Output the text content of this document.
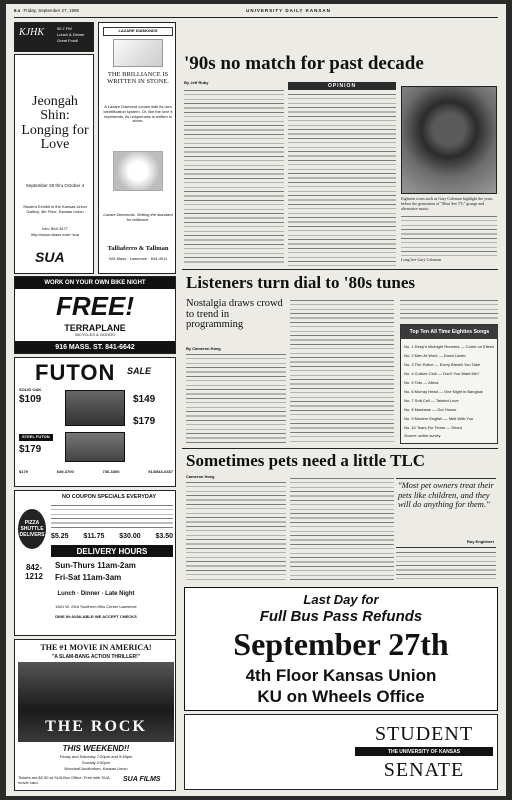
6a Friday, September 27, 1996	UNIVERSITY DAILY KANSAN
KJHK	90.7 FM
Lunch & Dinner
Great Food!
Jeongah Shin: Longing for Love
September 28 thru October 4
Student Exhibit in the Kansas Union Gallery, 4th Floor, Kansas Union
Info: 864-3477
http://www.ukans.edu/~sua
SUA
LAZARE DIAMONDS
THE BRILLIANCE IS WRITTEN IN STONE.
A Lazare Diamond comes with its own identification system. Or, like the love it represents, its uniqueness is written in stone.
Lazare Diamonds. Setting the standard for brilliance.
Talliaferro & Tallman
926 Mass · Lawrence · 843-4011
WORK ON YOUR OWN BIKE NIGHT
FREE!
TERRAPLANE
BICYCLES & GOODS
916 MASS. ST. 841-6642
FUTON SALE
SOLID OAK
$109	$149
$179
STEEL FUTON
$179
$179	649-4700	736-3300	913/843-6337
NO COUPON SPECIALS EVERYDAY
PIZZA SHUTTLE DELIVERS $5.25 $11.75 $30.00 $3.50
DELIVERY HOURS
842-1212
Sun-Thurs 11am-2am
Fri-Sat 11am-3am
Lunch · Dinner · Late Night
1601 W. 23rd Southern Hills Center Lawrence
DINE IN·AVAILABLE·WE ACCEPT CHECKS
THE #1 MOVIE IN AMERICA!
"A SLAM-BANG ACTION THRILLER!"
THE ROCK
THIS WEEKEND!!
Friday and Saturday 7:00pm and 9:45pm
Sunday 2:00pm
Woodruff Auditorium, Kansas Union
Tickets are $2.50 at SUA Box Office. Free with SUA movie card.	SUA FILMS
'90s no match for past decade
By Jeff Ruby
OPINION
Eighteen icons such as Gary Coleman highlight the years before the generation of "Must See TV," grunge and alternative music.
Long live Gary Coleman.
Listeners turn dial to '80s tunes
Nostalgia draws crowd to trend in programming
By Cameron Hoeg
Top Ten All Time Eighties Songs
No. 1 Deep's Midnight Runners — Come on Eileen
No. 2 Men At Work — Down Under
No. 3 The Police — Every Breath You Take
No. 4 Culture Club — Don't You Want Me?
No. 5 Toto — Africa
No. 6 Murray Head — One Night in Bangkok
No. 7 Soft Cell — Tainted Love
No. 8 Madness — Our House
No. 9 Modern English — Melt With You
No. 10 Tears For Fears — Shout
Source: online survey
Sometimes pets need a little TLC
Cameron Hoeg
"Most pet owners treat their pets like children, and they will do anything for them."
Roy Englebert
Last Day for
Full Bus Pass Refunds
September 27th
4th Floor Kansas Union
KU on Wheels Office
STUDENT
THE UNIVERSITY OF KANSAS
SENATE
